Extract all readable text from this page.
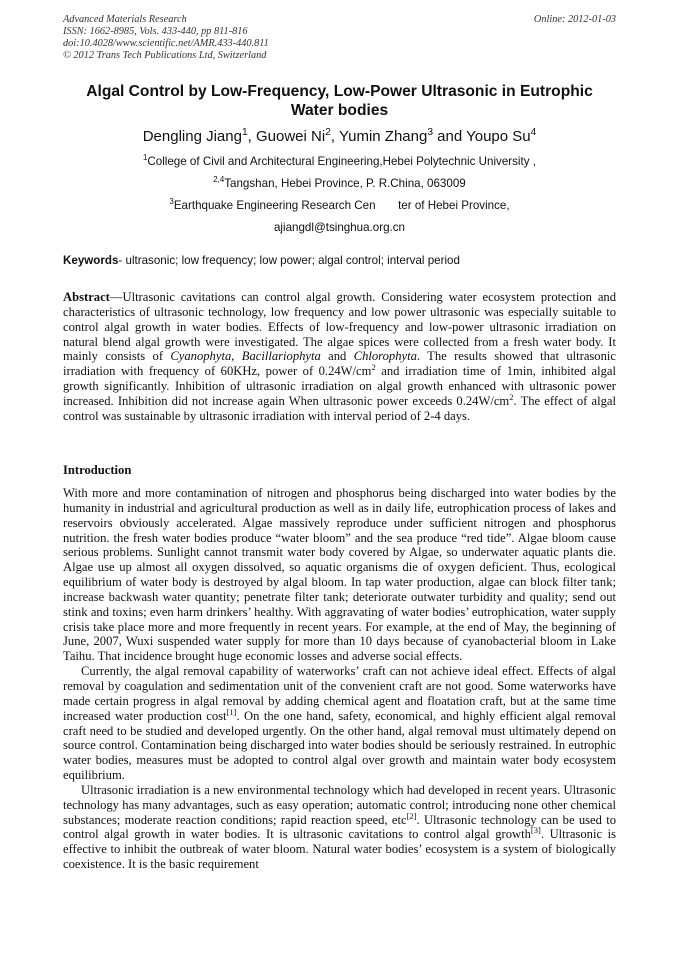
Advanced Materials Research
ISSN: 1662-8985, Vols. 433-440, pp 811-816
doi:10.4028/www.scientific.net/AMR.433-440.811
© 2012 Trans Tech Publications Ltd, Switzerland
Online: 2012-01-03
Algal Control by Low-Frequency, Low-Power Ultrasonic in Eutrophic Water bodies
Dengling Jiang$^1$, Guowei Ni$^2$, Yumin Zhang$^3$ and Youpo Su$^4$
$^1$College of Civil and Architectural Engineering,Hebei Polytechnic University ,
$^{2,4}$Tangshan, Hebei Province, P. R.China, 063009
$^3$Earthquake Engineering Research Cen       ter of Hebei Province,
ajiangdl@tsinghua.org.cn
Keywords- ultrasonic; low frequency; low power; algal control; interval period
Abstract—Ultrasonic cavitations can control algal growth. Considering water ecosystem protection and characteristics of ultrasonic technology, low frequency and low power ultrasonic was especially suitable to control algal growth in water bodies. Effects of low-frequency and low-power ultrasonic irradiation on natural blend algal growth were investigated. The algae spices were collected from a fresh water body. It mainly consists of Cyanophyta, Bacillariophyta and Chlorophyta. The results showed that ultrasonic irradiation with frequency of 60KHz, power of $0.24W/cm^2$ and irradiation time of 1min, inhibited algal growth significantly. Inhibition of ultrasonic irradiation on algal growth enhanced with ultrasonic power increased. Inhibition did not increase again When ultrasonic power exceeds $0.24W/cm^2$. The effect of algal control was sustainable by ultrasonic irradiation with interval period of 2-4 days.
Introduction

With more and more contamination of nitrogen and phosphorus being discharged into water bodies by the humanity in industrial and agricultural production as well as in daily life, eutrophication process of lakes and reservoirs obviously accelerated. Algae massively reproduce under sufficient nitrogen and phosphorus nutrition. the fresh water bodies produce “water bloom” and the sea produce “red tide”. Algae bloom cause serious problems. Sunlight cannot transmit water body covered by Algae, so underwater aquatic plants die. Algae use up almost all oxygen dissolved, so aquatic organisms die of oxygen deficient. Thus, ecological equilibrium of water body is destroyed by algal bloom. In tap water production, algae can block filter tank; increase backwash water quantity; penetrate filter tank; deteriorate outwater turbidity and quality; send out stink and toxins; even harm drinkers’ healthy. With aggravating of water bodies’ eutrophication, water supply crisis take place more and more frequently in recent years. For example, at the end of May, the beginning of June, 2007, Wuxi suspended water supply for more than 10 days because of cyanobacterial bloom in Lake Taihu. That incidence brought huge economic losses and adverse social effects.

Currently, the algal removal capability of waterworks’ craft can not achieve ideal effect. Effects of algal removal by coagulation and sedimentation unit of the convenient craft are not good. Some waterworks have made certain progress in algal removal by adding chemical agent and floatation craft, but at the same time increased water production cost[1]. On the one hand, safety, economical, and highly efficient algal removal craft need to be studied and developed urgently. On the other hand, algal removal must ultimately depend on source control. Contamination being discharged into water bodies should be seriously restrained. In eutrophic water bodies, measures must be adopted to control algal over growth and maintain water body ecosystem equilibrium.

Ultrasonic irradiation is a new environmental technology which had developed in recent years. Ultrasonic technology has many advantages, such as easy operation; automatic control; introducing none other chemical substances; moderate reaction conditions; rapid reaction speed, etc[2]. Ultrasonic technology can be used to control algal growth in water bodies. It is ultrasonic cavitations to control algal growth[3]. Ultrasonic is effective to inhibit the outbreak of water bloom. Natural water bodies’ ecosystem is a system of biologically coexistence. It is the basic requirement
